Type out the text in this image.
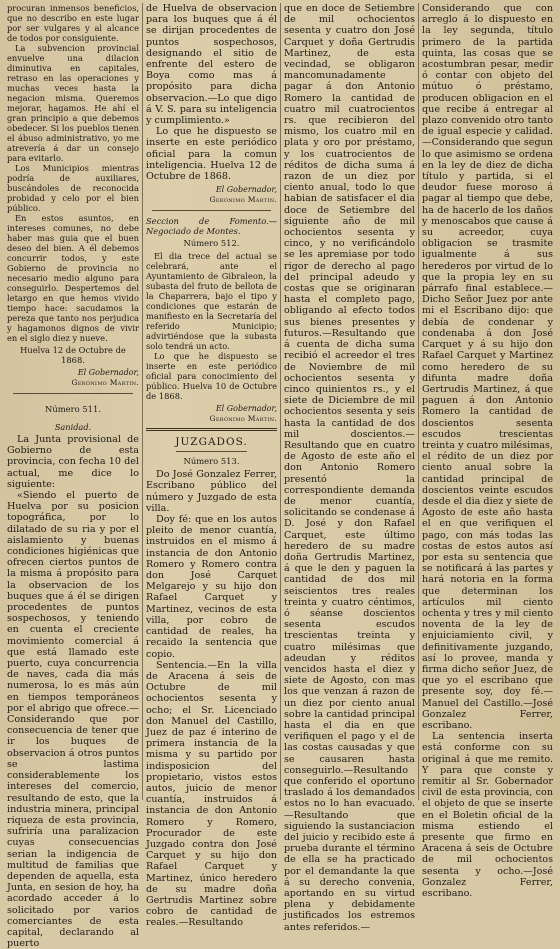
procuran inmensos beneficios, que no describo en este lugar por ser vulgares y al alcance de todos por consiguiente.

La subvencion provincial envuelve una dilacion diminutiva en capitales, retraso en las operaciones y muchas veces hasta la negacion misma. Queremos mejorar, hagamos. He ahí el gran principio a que debemos obedecer. Si los pueblos tienen el ábuso administrativo, yo me atrevería á dar un consejo para evitarlo.

Los Municipios mientras podría de auxiliares, buscándoles de reconocida probidad y celo por el bien público.

En estos asuntos, en intereses comunes, no debe haber mas guia que el buen deseo del bien. A él debemos concurrir todos, y este Gobierno de provincia no necesario medio alguno para conseguirlo. Despertemos del letargo en que hemos vivido tiempo hace: sacudamos la pereza que tanto nos perjudica y hagamonos dignos de vivir en el siglo diez y nueve.

Huelva 12 de Octubre de 1868.

El Gobernador,

Gerónimo Martin.

Número 511.

Sanidad.

La Junta provisional de Gobierno de esta provincia, con fecha 10 del actual, me dice lo siguiente:

«Siendo el puerto de Huelva por su posicion topográfica, por lo dilatado de su ria y por el aislamiento y buenas condiciones higiénicas que ofrecen ciertos puntos de la misma á propósito para la observacion de los buques que á él se dirigen procedentes de puntos sospechosos, y teniendo en cuenta el creciente movimiento comercial á que está llamado este puerto, cuya concurrencia de naves, cada dia más numerosa, lo es más aún en tiempos temporáneos por el abrigo que ofrece.—Considerando que por consecuencia de tener que ir los buques de observacion á otros puntos se lastima considerablemente los intereses del comercio, resultando de esto, que la industria minera, principal riqueza de esta provincia, sufriría una paralizacion cuyas consecuencias serian la indigencia de multitud de familias que dependen de aquella, esta Junta, en sesion de hoy, ha acordado acceder á lo solicitado por varios comerciantes de esta capital, declarando al puerto

de Huelva de observacion para los buques que á él se dirijan procedentes de puntos sospechosos, designando el sitio de enfrente del estero de Boya como mas á propósito para dicha observacion.—Lo que digo á V. S. para su inteligencia y cumplimiento.»

Lo que he dispuesto se inserte en este periódico oficial para la comun inteligencia. Huelva 12 de Octubre de 1868.

El Gobernador,

Gerónimo Martin.

Seccion de Fomento.—Negociado de Montes.

Número 512.

El dia trece del actual se celebrará, ante el Ayuntamiento de Gibraleon, la subasta del fruto de bellota de la Chaparrera, bajo el tipo y condiciones que estarán de manifiesto en la Secretaría del referido Municipio; advirtiéndose que la subasta solo tendrá un acto.

Lo que he dispuesto se inserte en este periódico oficial para conocimiento del público. Huelva 10 de Octubre de 1868.

El Gobernador,

Gerónimo Martin.

JUZGADOS.

Número 513.

Do José Gonzalez Ferrer, Escribano público del número y Juzgado de esta villa.

Doy fé: que en los autos pleito de menor cuantía, instruidos en el mismo á instancia de don Antonio Romero y Romero contra don José Carquet Melgarejo y su hijo don Rafael Carquet y Martinez, vecinos de esta villa, por cobro de cantidad de reales, ha recaido la sentencia que copio.

Sentencia.—En la villa de Aracena á seis de Octubre de mil ochocientos sesenta y ocho; el Sr. Licenciado don Manuel del Castillo, Juez de paz é interino de primera instancia de la misma y su partido por indisposicion del propietario, vistos estos autos, juicio de menor cuantía, instruidos á instancia de don Antonio Romero y Romero, Procurador de este Juzgado contra don José Carquet y su hijo don Rafael Carquet y Martinez, único heredero de su madre doña Gertrudis Martinez sobre cobro de cantidad de reales.—Resultando

que en doce de Setiembre de mil ochocientos sesenta y cuatro don José Carquet y doña Gertrudis Martinez, de esta vecindad, se obligaron mancomunadamente pagar á don Antonio Romero la cantidad de cuatro mil cuatrocientos rs. que recibieron del mismo, los cuatro mil en plata y oro por préstamo, y los cuatrocientos de réditos de dicha suma á razon de un diez por ciento anual, todo lo que habian de satisfacer el dia doce de Setiembre del siguiente año de mil ochocientos sesenta y cinco, y no verificándolo se les apremiase por todo rigor de derecho al pago del principal adeudo y costas que se originaran hasta el completo pago, obligando al efecto todos sus bienes presentes y futuros.—Resultando que á cuenta de dicha suma recibió el acreedor el tres de Noviembre de mil ochocientos sesenta y cinco quinientos rs., y el siete de Diciembre de mil ochocientos sesenta y seis hasta la cantidad de dos mil doscientos.—Resultando que en cuatro de Agosto de este año el don Antonio Romero presentó la correspondiente demanda de menor cuantía, solicitando se condenase á D. José y don Rafael Carquet, este último heredero de su madre doña Gertrudis Martinez, á que le den y paguen la cantidad de dos mil seiscientos tres reales treinta y cuatro céntimos, ó séanse doscientos sesenta escudos trescientas treinta y cuatro milésimas que adeudan y réditos vencidos hasta el diez y siete de Agosto, con mas los que venzan á razon de un diez por ciento anual sobre la cantidad principal hasta el dia en que verifiquen el pago y el de las costas causadas y que se causaren hasta conseguirlo.—Resultando que conferido el oportuno traslado á los demandados estos no lo han evacuado.—Resultando que siguiendo la sustanciacion del juicio y recibido este á prueba durante el término de ella se ha practicado por el demandante la que á su derecho convenia, aportando en su virtud plena y debidamente justificados los estremos antes referidos.—

Considerando que con arreglo á lo dispuesto en la ley segunda, título primero de la partida quinta, las cosas que se acostumbran pesar, medir ó contar con objeto del mútuo ó préstamo, producen obligacion en el que recibe á entregar al plazo convenido otro tanto de igual especie y calidad.—Considerando que segun lo que asimismo se ordena en la ley de diez de dicha título y partida, si el deudor fuese moroso á pagar al tiempo que debe, ha de hacerlo de los daños y menoscabos que cause á su acreedor, cuya obligacion se trasmite igualmente á sus herederos por virtud de lo que la propia ley en su párrafo final establece.—Dicho Señor Juez por ante mi el Escribano dijo: que debía de condenar y condenaba á don José Carquet y á su hijo don Rafael Carquet y Martinez como heredero de su difunta madre doña Gertrudis Martinez, á que paguen á don Antonio Romero la cantidad de doscientos sesenta escudos trescientas treinta y cuatro milésimas, el rédito de un diez por ciento anual sobre la cantidad principal de doscientos veinte escudos desde el dia diez y siete de Agosto de este año hasta el en que verifiquen el pago, con más todas las costas de estos autos así por esta su sentencia que se notificará á las partes y hará notoria en la forma que determinan los artículos mil ciento ochenta y tres y mil ciento noventa de la ley de enjuiciamiento civil, y definitivamente juzgando, así lo provee, manda y firma dicho señor Juez, de que yo el escribano que presente soy, doy fé.—Manuel del Castillo.—José Gonzalez Ferrer, escribano.

La sentencia inserta está conforme con su original á que me remito. Y para que conste y remitir al Sr. Gobernador civil de esta provincia, con el objeto de que se inserte en el Boletin oficial de la misma estiendo el presente que firmo en Aracena á seis de Octubre de mil ochocientos sesenta y ocho.—José Gonzalez Ferrer, escribano.
